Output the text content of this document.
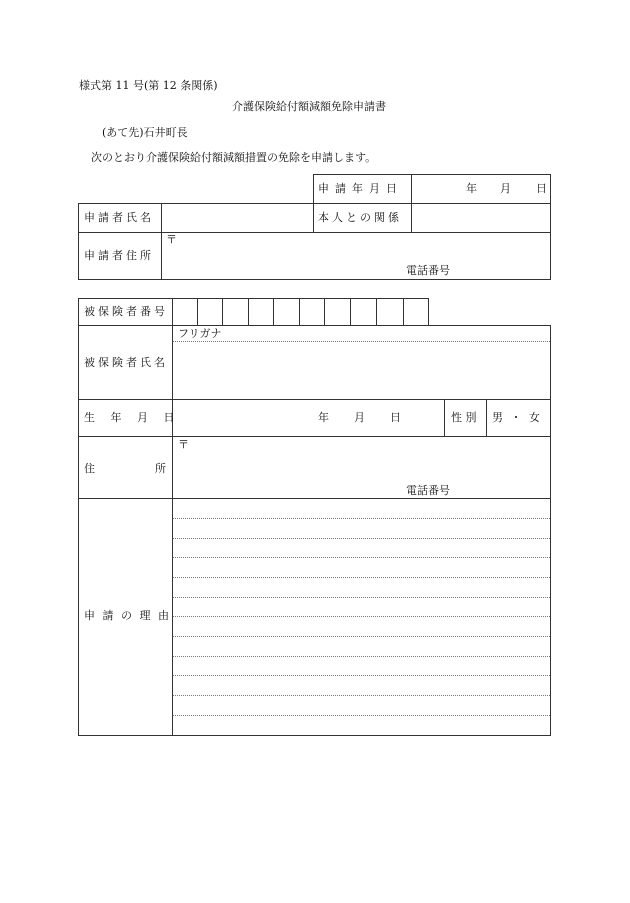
様式第 11 号(第 12 条関係)
介護保険給付額減額免除申請書
(あて先)石井町長
次のとおり介護保険給付額減額措置の免除を申請します。
申請年月日	年 月 日
申請者氏名	本人との関係
申請者住所
〒
電話番号
被保険者番号
フリガナ
被保険者氏名
生 年 月 日	年 月 日	性 別 男 ・ 女
住 所
〒
電話番号
申 請 の 理 由
